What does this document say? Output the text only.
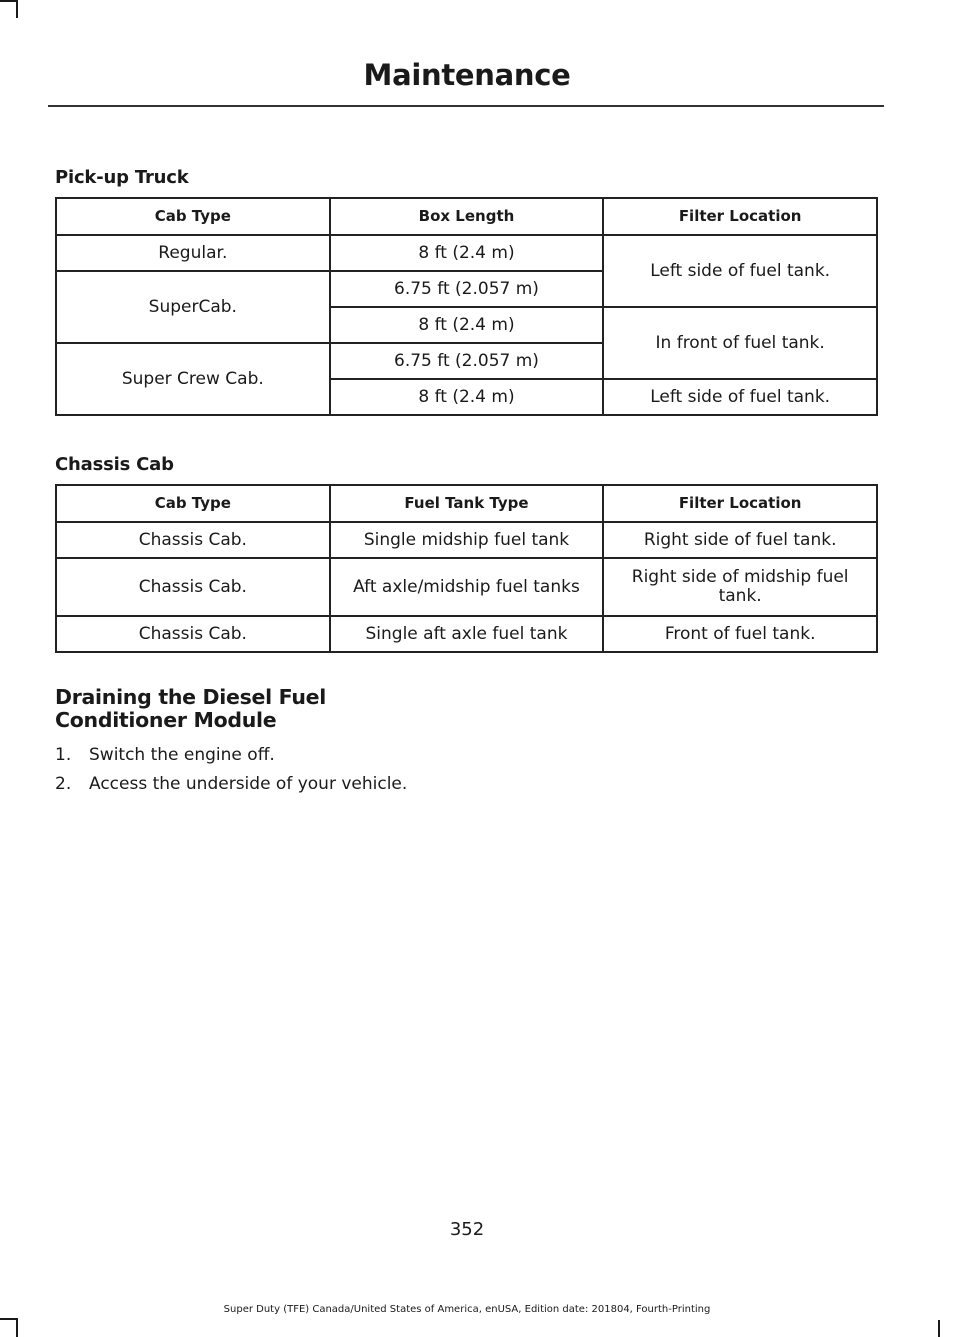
Maintenance
Pick-up Truck
Cab Type	Box Length	Filter Location
Regular.	8 ft (2.4 m)	Left side of fuel tank.
SuperCab.	6.75 ft (2.057 m)	
	8 ft (2.4 m)	In front of fuel tank.
Super Crew Cab.	6.75 ft (2.057 m)	
	8 ft (2.4 m)	Left side of fuel tank.
Chassis Cab
Cab Type	Fuel Tank Type	Filter Location
Chassis Cab.	Single midship fuel tank	Right side of fuel tank.
Chassis Cab.	Aft axle/midship fuel tanks	Right side of midship fuel tank.
Chassis Cab.	Single aft axle fuel tank	Front of fuel tank.
Draining the Diesel Fuel
Conditioner Module
1.	Switch the engine off.
2.	Access the underside of your vehicle.
352
Super Duty (TFE) Canada/United States of America, enUSA, Edition date: 201804, Fourth-Printing
